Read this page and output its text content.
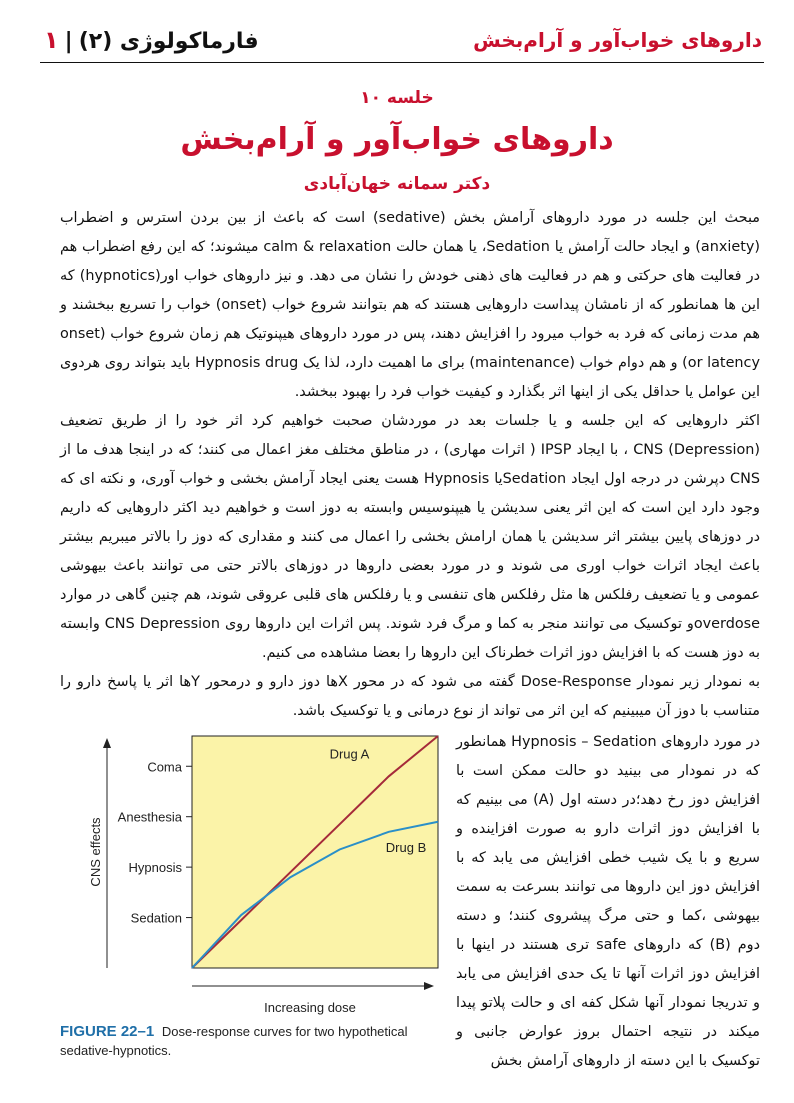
داروهای خواب‌آور و آرام‌بخش
فارماکولوژی (۲)|۱
خلسه ۱۰
داروهای خواب‌آور و آرام‌بخش
دکتر سمانه خهان‌آبادی

مبحث این جلسه در مورد داروهای آرامش بخش (sedative) است که باعث از بین بردن استرس و اضطراب (anxiety) و ایجاد حالت آرامش یا Sedation، یا همان حالت calm & relaxation میشوند؛ که این رفع اضطراب هم در فعالیت های حرکتی و هم در فعالیت های ذهنی خودش را نشان می دهد. و نیز داروهای خواب اور(hypnotics) که این ها همانطور که از نامشان پیداست داروهایی هستند که هم بتوانند شروع خواب (onset) خواب را تسریع ببخشند و هم مدت زمانی که فرد به خواب میرود را افزایش دهند، پس در مورد داروهای هیپنوتیک هم زمان شروع خواب (onset or latency) و هم دوام خواب (maintenance) برای ما اهمیت دارد، لذا یک Hypnosis drug باید بتواند روی هردوی این عوامل یا حداقل یکی از اینها اثر بگذارد و کیفیت خواب فرد را بهبود ببخشد.

اکثر داروهایی که این جلسه و یا جلسات بعد در موردشان صحبت خواهیم کرد اثر خود را از طریق تضعیف (Depression) CNS ، با ایجاد IPSP ( اثرات مهاری) ، در مناطق مختلف مغز اعمال می کنند؛ که در اینجا هدف ما از CNS دپرشن در درجه اول ایجاد Sedationیا Hypnosis هست یعنی ایجاد آرامش بخشی و خواب آوری، و نکته ای که وجود دارد این است که این اثر یعنی سدیشن یا هیپنوسیس وابسته به دوز است و خواهیم دید اکثر داروهایی که داریم در دوزهای پایین بیشتر اثر سدیشن یا همان ارامش بخشی را اعمال می کنند و مقداری که دوز را بالاتر میبریم بیشتر باعث ایجاد اثرات خواب اوری می شوند و در مورد بعضی داروها در دوزهای بالاتر حتی می توانند باعث بیهوشی عمومی و یا تضعیف رفلکس ها مثل رفلکس های تنفسی و یا رفلکس های قلبی عروقی شوند، هم چنین گاهی در موارد overdoseو توکسیک می توانند منجر به کما و مرگ فرد شوند. پس اثرات این داروها روی CNS Depression وابسته به دوز هست که با افزایش دوز اثرات خطرناک این داروها را بعضا مشاهده می کنیم.

به نمودار زیر نمودار Dose-Response گفته می شود که در محور Xها دوز دارو و درمحور Yها اثر یا پاسخ دارو را متناسب با دوز آن میبینیم که این اثر می تواند از نوع درمانی و یا توکسیک باشد.

Sedation
Hypnosis
Anesthesia
Coma
CNS effects
Increasing dose
Drug A
Drug B
FIGURE 22–1 Dose-response curves for two hypothetical sedative-hypnotics.

در مورد داروهای Hypnosis – Sedation همانطور که در نمودار می بینید دو حالت ممکن است با افزایش دوز رخ دهد؛در دسته اول (A) می بینیم که با افزایش دوز اثرات دارو به صورت افزاینده و سریع و با یک شیب خطی افزایش می یابد که با افزایش دوز این داروها می توانند بسرعت به سمت بیهوشی ،کما و حتی مرگ پیشروی کنند؛ و دسته دوم (B) که داروهای safe تری هستند در اینها با افزایش دوز اثرات آنها تا یک حدی افزایش می یابد و تدریجا نمودار آنها شکل کفه ای و حالت پلاتو پیدا میکند در نتیجه احتمال بروز عوارض جانبی و توکسیک با این دسته از داروهای آرامش بخش
